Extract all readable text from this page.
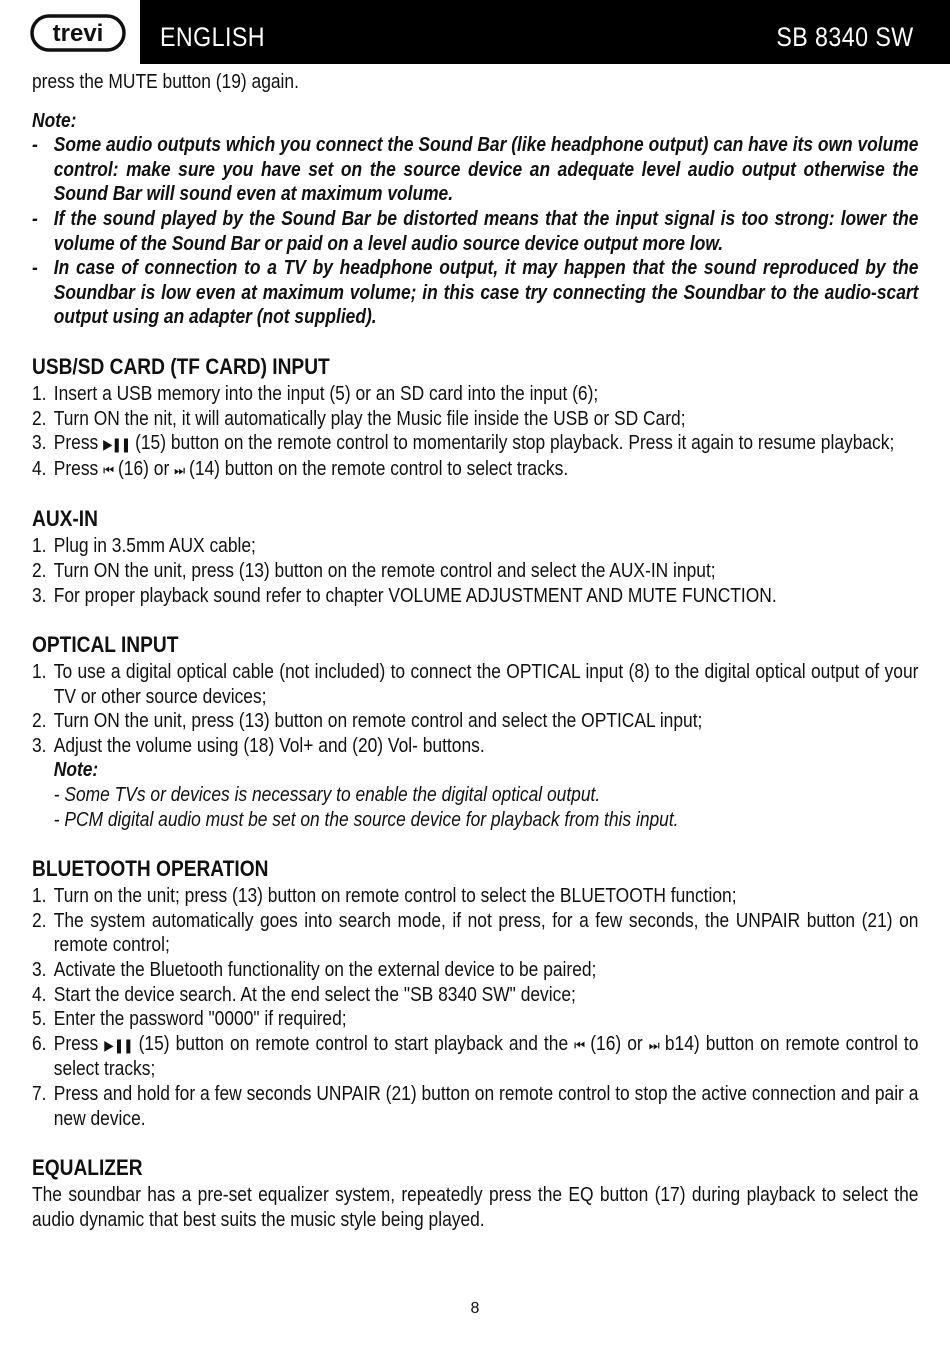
trevi ENGLISH	SB 8340 SW

press the MUTE button (19) again.

Note:

- Some audio outputs which you connect the Sound Bar (like headphone output) can have its own volume control: make sure you have set on the source device an adequate level audio output otherwise the Sound Bar will sound even at maximum volume.
- If the sound played by the Sound Bar be distorted means that the input signal is too strong: lower the volume of the Sound Bar or paid on a level audio source device output more low.
- In case of connection to a TV by headphone output, it may happen that the sound reproduced by the Soundbar is low even at maximum volume; in this case try connecting the Soundbar to the audio-scart output using an adapter (not supplied).
USB/SD CARD (TF CARD) INPUT
1. Insert a USB memory into the input (5) or an SD card into the input (6);
2. Turn ON the nit, it will automatically play the Music file inside the USB or SD Card;
3. Press ▶❚❚ (15) button on the remote control to momentarily stop playback. Press it again to resume playback;
4. Press ⏮ (16) or ⏭ (14) button on the remote control to select tracks.
AUX-IN
1. Plug in 3.5mm AUX cable;
2. Turn ON the unit, press (13) button on the remote control and select the AUX-IN input;
3. For proper playback sound refer to chapter VOLUME ADJUSTMENT AND MUTE FUNCTION.
OPTICAL INPUT
1. To use a digital optical cable (not included) to connect the OPTICAL input (8) to the digital optical output of your TV or other source devices;
2. Turn ON the unit, press (13) button on remote control and select the OPTICAL input;
3. Adjust the volume using (18) Vol+ and (20) Vol- buttons.

Note:

- Some TVs or devices is necessary to enable the digital optical output.

- PCM digital audio must be set on the source device for playback from this input.

BLUETOOTH OPERATION
1. Turn on the unit; press (13) button on remote control to select the BLUETOOTH function;
2. The system automatically goes into search mode, if not press, for a few seconds, the UNPAIR button (21) on remote control;
3. Activate the Bluetooth functionality on the external device to be paired;
4. Start the device search. At the end select the "SB 8340 SW" device;
5. Enter the password "0000" if required;
6. Press ▶❚❚ (15) button on remote control to start playback and the ⏮ (16) or ⏭ b14) button on remote control to select tracks;
7. Press and hold for a few seconds UNPAIR (21) button on remote control to stop the active connection and pair a new device.
EQUALIZER

The soundbar has a pre-set equalizer system, repeatedly press the EQ button (17) during playback to select the audio dynamic that best suits the music style being played.

8
